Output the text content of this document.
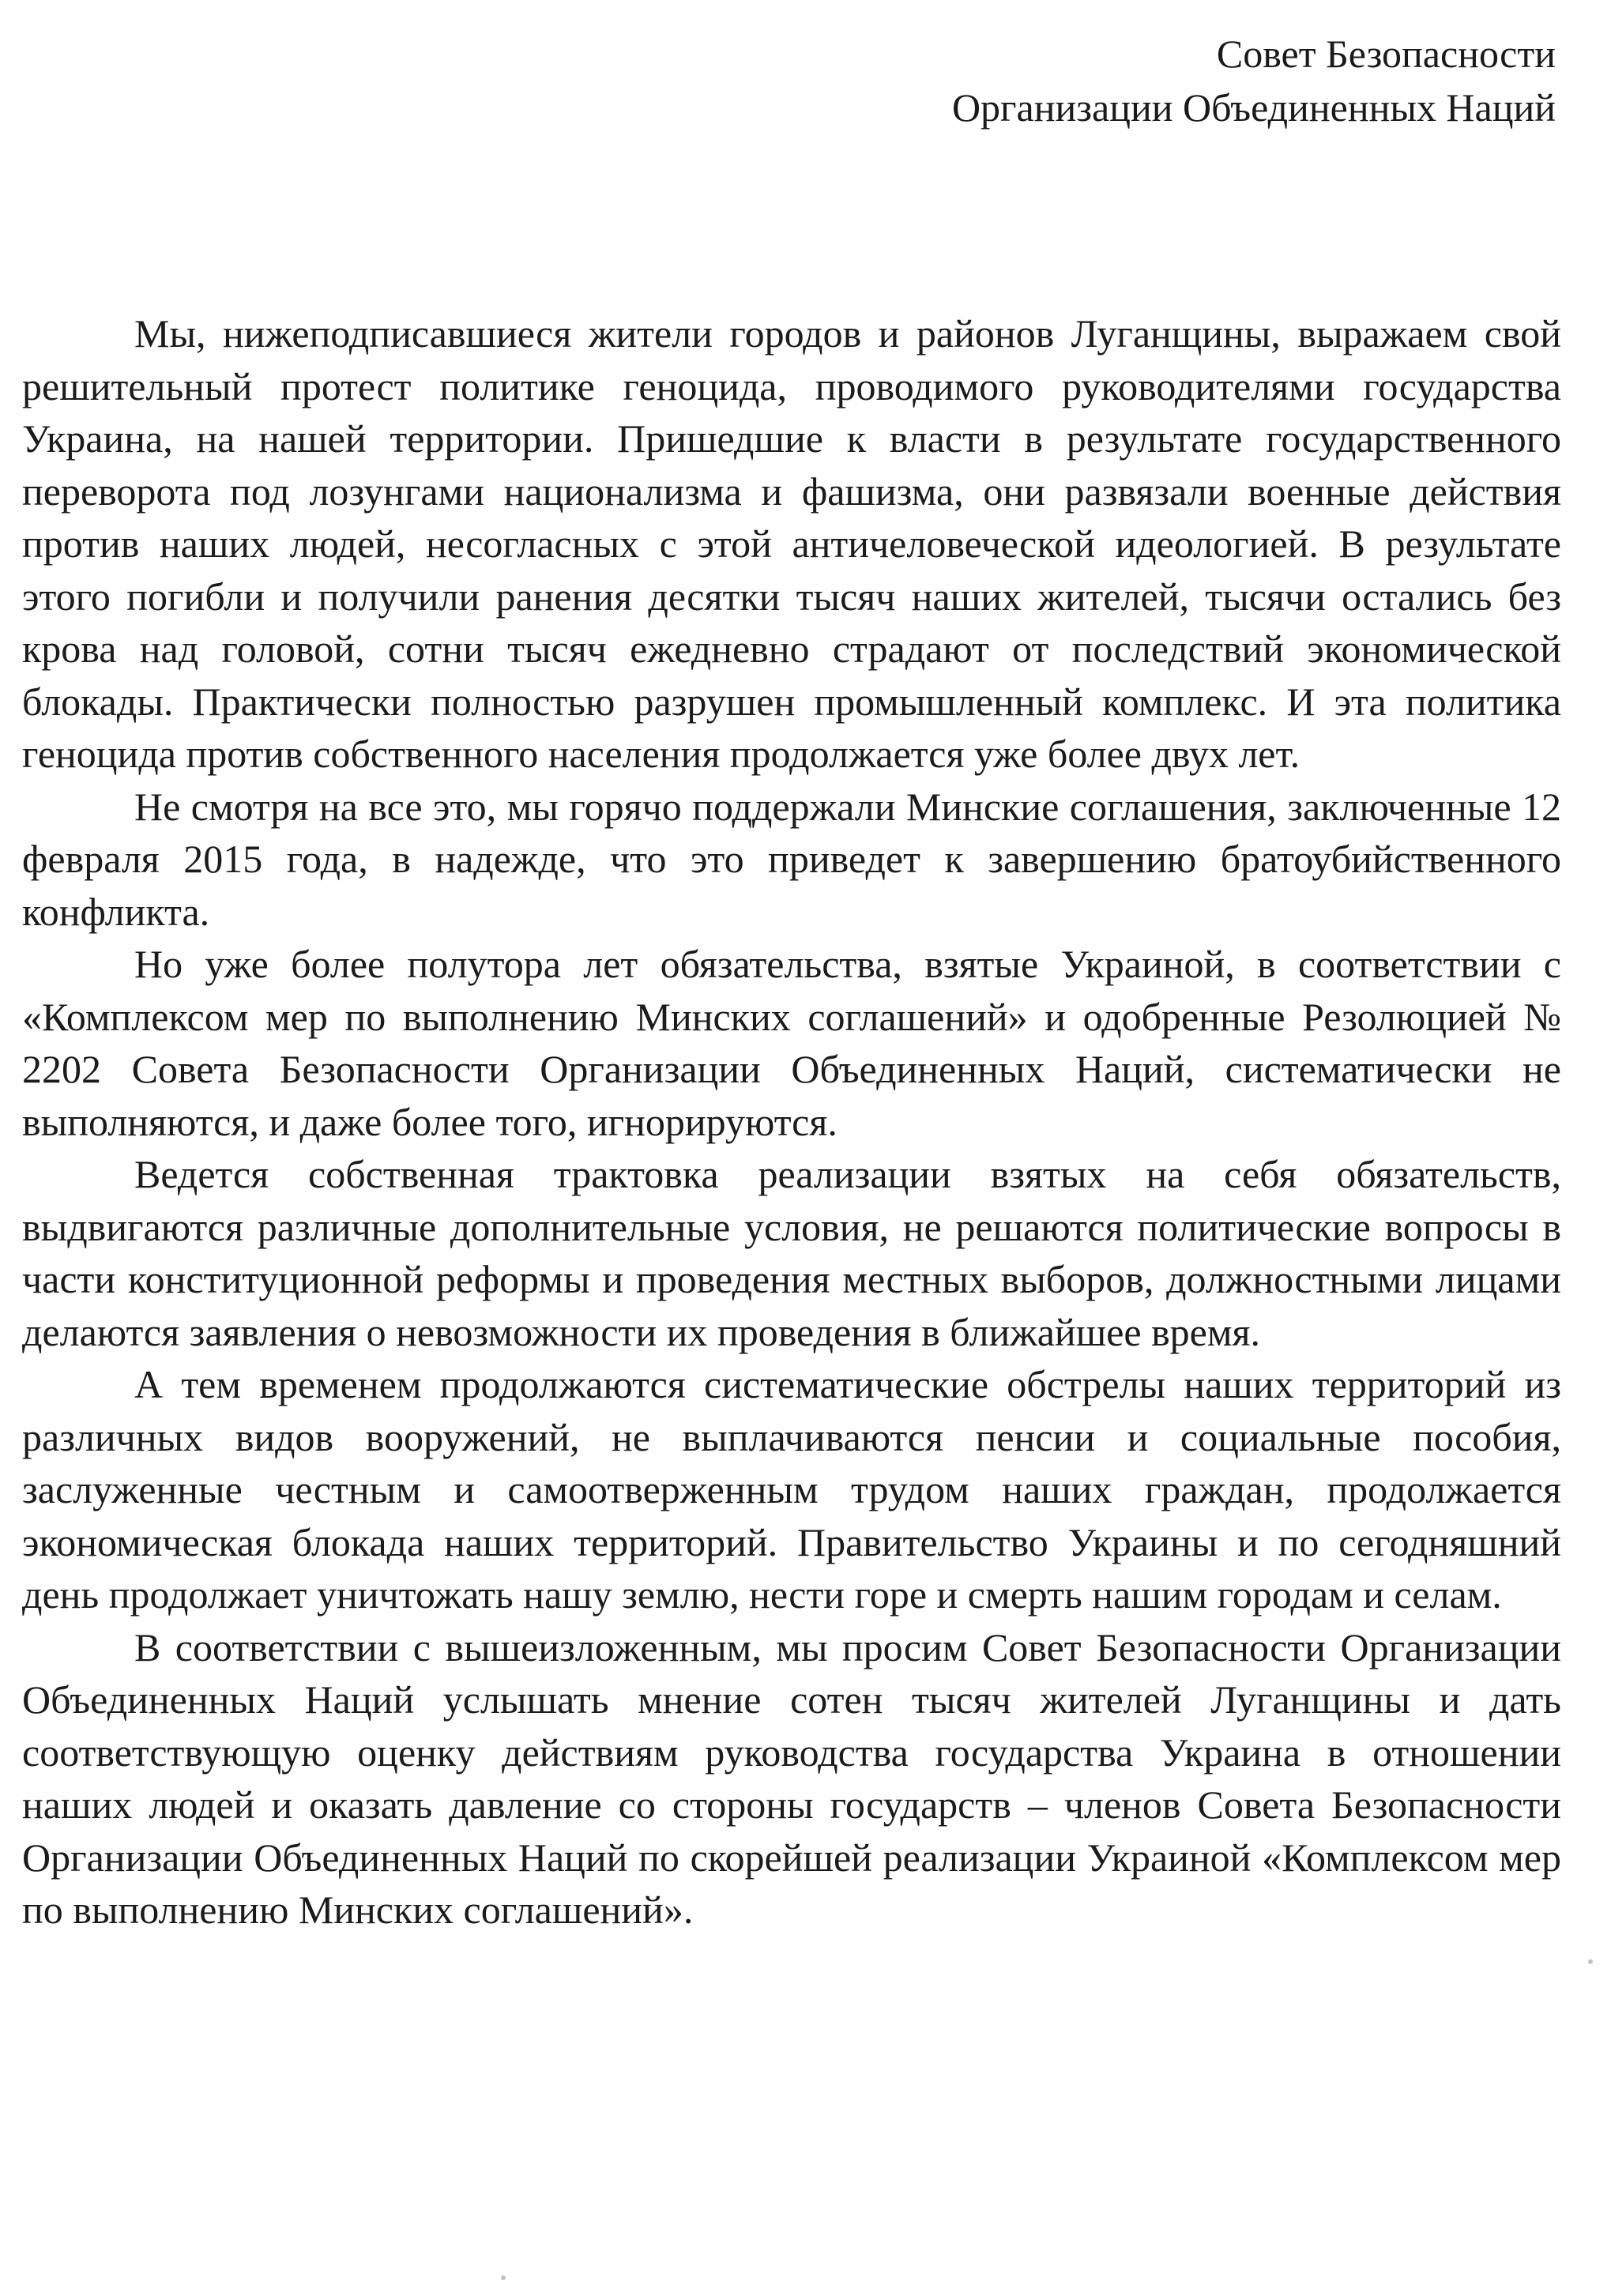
Совет Безопасности
Организации Объединенных Наций

Мы, нижеподписавшиеся жители городов и районов Луганщины, выражаем свой решительный протест политике геноцида, проводимого руководителями государства Украина, на нашей территории. Пришедшие к власти в результате государственного переворота под лозунгами национализма и фашизма, они развязали военные действия против наших людей, несогласных с этой античеловеческой идеологией. В результате этого погибли и получили ранения десятки тысяч наших жителей, тысячи остались без крова над головой, сотни тысяч ежедневно страдают от последствий экономической блокады. Практически полностью разрушен промышленный комплекс. И эта политика геноцида против собственного населения продолжается уже более двух лет.

Не смотря на все это, мы горячо поддержали Минские соглашения, заключенные 12 февраля 2015 года, в надежде, что это приведет к завершению братоубийственного конфликта.

Но уже более полутора лет обязательства, взятые Украиной, в соответствии с «Комплексом мер по выполнению Минских соглашений» и одобренные Резолюцией № 2202 Совета Безопасности Организации Объединенных Наций, систематически не выполняются, и даже более того, игнорируются.

Ведется собственная трактовка реализации взятых на себя обязательств, выдвигаются различные дополнительные условия, не решаются политические вопросы в части конституционной реформы и проведения местных выборов, должностными лицами делаются заявления о невозможности их проведения в ближайшее время.

А тем временем продолжаются систематические обстрелы наших территорий из различных видов вооружений, не выплачиваются пенсии и социальные пособия, заслуженные честным и самоотверженным трудом наших граждан, продолжается экономическая блокада наших территорий. Правительство Украины и по сегодняшний день продолжает уничтожать нашу землю, нести горе и смерть нашим городам и селам.

В соответствии с вышеизложенным, мы просим Совет Безопасности Организации Объединенных Наций услышать мнение сотен тысяч жителей Луганщины и дать соответствующую оценку действиям руководства государства Украина в отношении наших людей и оказать давление со стороны государств – членов Совета Безопасности Организации Объединенных Наций по скорейшей реализации Украиной «Комплексом мер по выполнению Минских соглашений».
